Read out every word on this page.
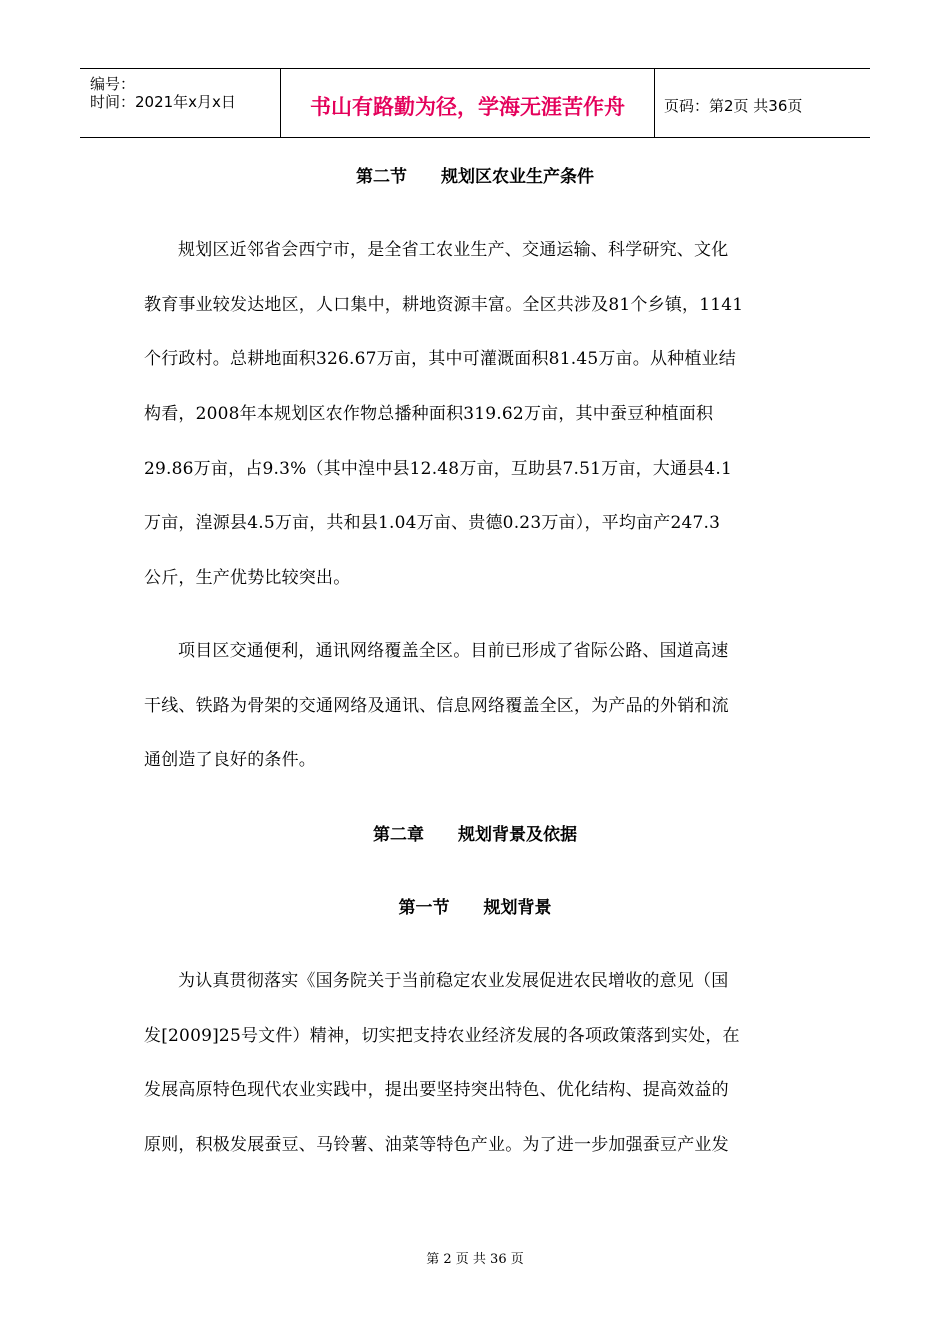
编号：
时间：2021年x月x日	书山有路勤为径，学海无涯苦作舟	页码：第2页 共36页
第二节　　规划区农业生产条件
规划区近邻省会西宁市，是全省工农业生产、交通运输、科学研究、文化
教育事业较发达地区，人口集中，耕地资源丰富。全区共涉及81个乡镇，1141
个行政村。总耕地面积326.67万亩，其中可灌溉面积81.45万亩。从种植业结
构看，2008年本规划区农作物总播种面积319.62万亩，其中蚕豆种植面积
29.86万亩，占9.3%（其中湟中县12.48万亩，互助县7.51万亩，大通县4.1
万亩，湟源县4.5万亩，共和县1.04万亩、贵德0.23万亩），平均亩产247.3
公斤，生产优势比较突出。
项目区交通便利，通讯网络覆盖全区。目前已形成了省际公路、国道高速
干线、铁路为骨架的交通网络及通讯、信息网络覆盖全区，为产品的外销和流
通创造了良好的条件。
第二章　　规划背景及依据
第一节　　规划背景
为认真贯彻落实《国务院关于当前稳定农业发展促进农民增收的意见（国
发[2009]25号文件）精神，切实把支持农业经济发展的各项政策落到实处，在
发展高原特色现代农业实践中，提出要坚持突出特色、优化结构、提高效益的
原则，积极发展蚕豆、马铃薯、油菜等特色产业。为了进一步加强蚕豆产业发
第 2 页 共 36 页
